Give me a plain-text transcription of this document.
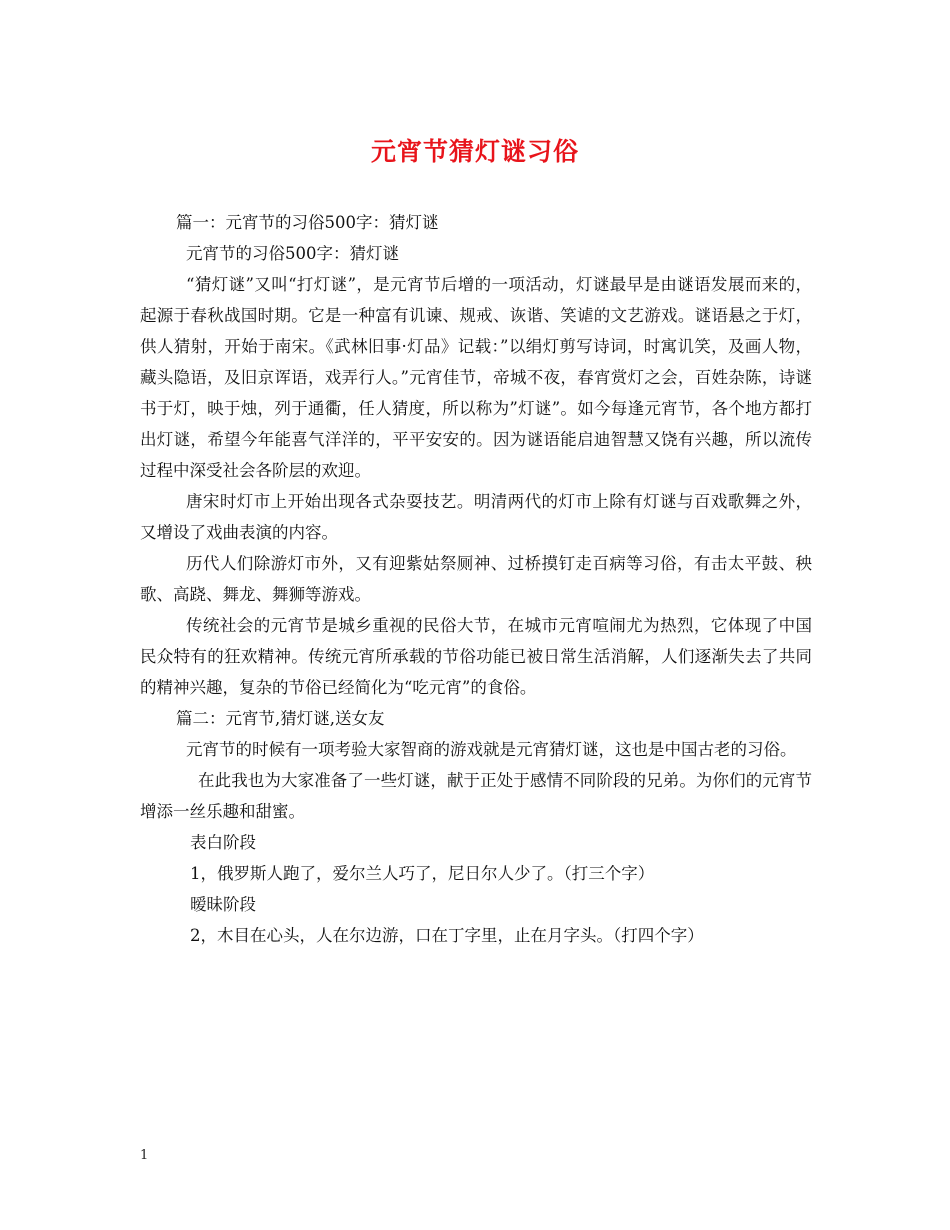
元宵节猜灯谜习俗

篇一：元宵节的习俗500字：猜灯谜

元宵节的习俗500字：猜灯谜

“猜灯谜”又叫“打灯谜”，是元宵节后增的一项活动，灯谜最早是由谜语发展而来的，起源于春秋战国时期。它是一种富有讥谏、规戒、诙谐、笑谑的文艺游戏。谜语悬之于灯，供人猜射，开始于南宋。《武林旧事·灯品》记载：”以绢灯剪写诗词，时寓讥笑，及画人物，藏头隐语，及旧京诨语，戏弄行人。”元宵佳节，帝城不夜，春宵赏灯之会，百姓杂陈，诗谜书于灯，映于烛，列于通衢，任人猜度，所以称为”灯谜”。如今每逢元宵节，各个地方都打出灯谜，希望今年能喜气洋洋的，平平安安的。因为谜语能启迪智慧又饶有兴趣，所以流传过程中深受社会各阶层的欢迎。

唐宋时灯市上开始出现各式杂耍技艺。明清两代的灯市上除有灯谜与百戏歌舞之外，又增设了戏曲表演的内容。

历代人们除游灯市外，又有迎紫姑祭厕神、过桥摸钉走百病等习俗，有击太平鼓、秧歌、高跷、舞龙、舞狮等游戏。

传统社会的元宵节是城乡重视的民俗大节，在城市元宵喧闹尤为热烈，它体现了中国民众特有的狂欢精神。传统元宵所承载的节俗功能已被日常生活消解，人们逐渐失去了共同的精神兴趣，复杂的节俗已经简化为“吃元宵”的食俗。

篇二：元宵节,猜灯谜,送女友

元宵节的时候有一项考验大家智商的游戏就是元宵猜灯谜，这也是中国古老的习俗。

在此我也为大家准备了一些灯谜，献于正处于感情不同阶段的兄弟。为你们的元宵节增添一丝乐趣和甜蜜。

表白阶段

1，俄罗斯人跑了，爱尔兰人巧了，尼日尔人少了。（打三个字）

暧昧阶段

2，木目在心头，人在尔边游，口在丁字里，止在月字头。（打四个字）

1
